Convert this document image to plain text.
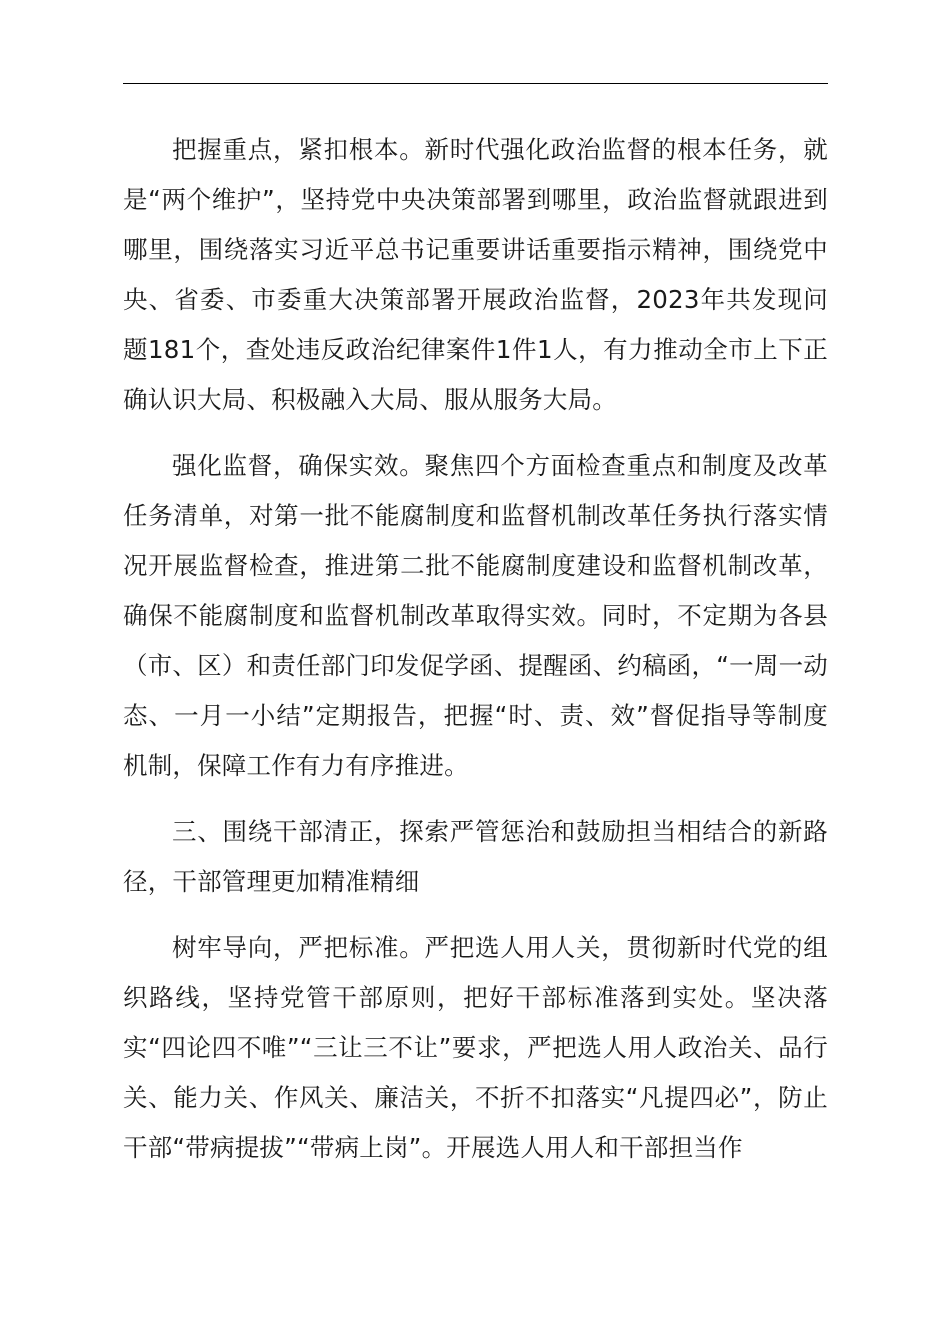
把握重点，紧扣根本。新时代强化政治监督的根本任务，就是“两个维护”，坚持党中央决策部署到哪里，政治监督就跟进到哪里，围绕落实习近平总书记重要讲话重要指示精神，围绕党中央、省委、市委重大决策部署开展政治监督，2023年共发现问题181个，查处违反政治纪律案件1件1人，有力推动全市上下正确认识大局、积极融入大局、服从服务大局。

强化监督，确保实效。聚焦四个方面检查重点和制度及改革任务清单，对第一批不能腐制度和监督机制改革任务执行落实情况开展监督检查，推进第二批不能腐制度建设和监督机制改革，确保不能腐制度和监督机制改革取得实效。同时，不定期为各县（市、区）和责任部门印发促学函、提醒函、约稿函，“一周一动态、一月一小结”定期报告，把握“时、责、效”督促指导等制度机制，保障工作有力有序推进。

三、围绕干部清正，探索严管惩治和鼓励担当相结合的新路径，干部管理更加精准精细

树牢导向，严把标准。严把选人用人关，贯彻新时代党的组织路线，坚持党管干部原则，把好干部标准落到实处。坚决落实“四论四不唯”“三让三不让”要求，严把选人用人政治关、品行关、能力关、作风关、廉洁关，不折不扣落实“凡提四必”，防止干部“带病提拔”“带病上岗”。开展选人用人和干部担当作
